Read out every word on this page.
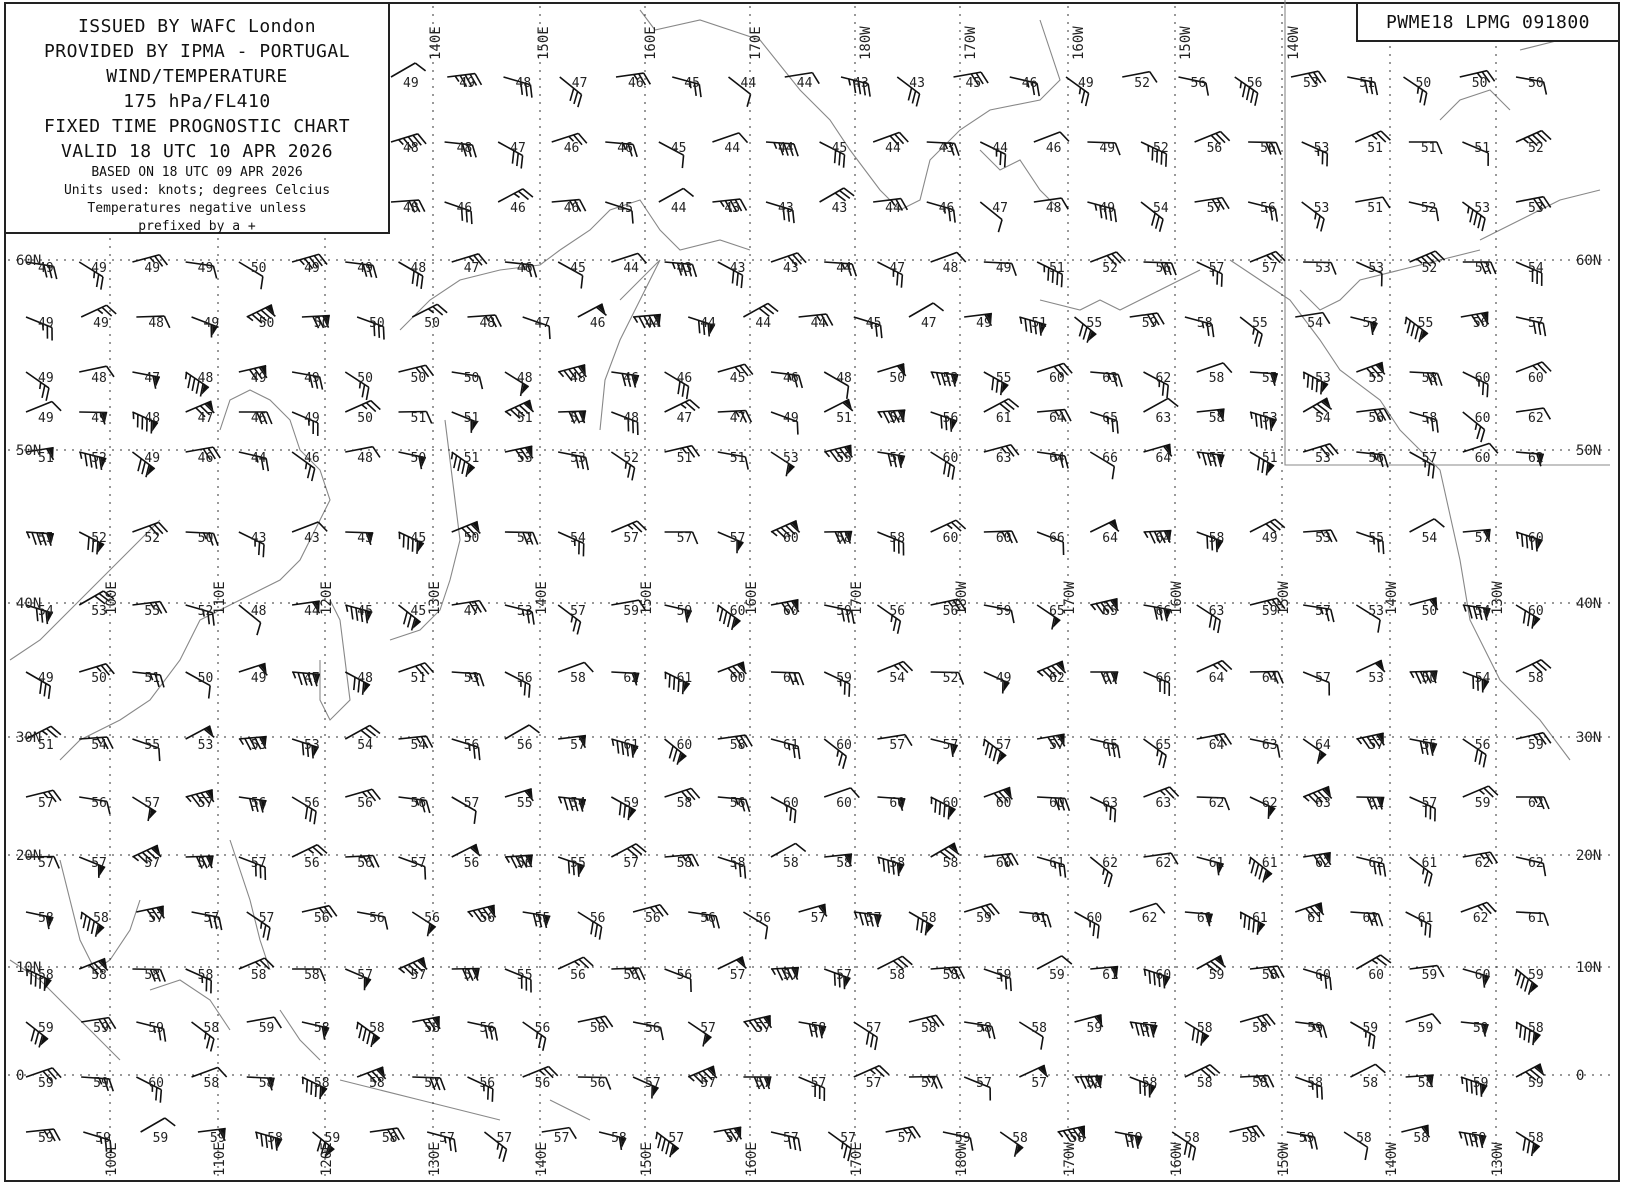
140E	150E	160E	170E	180W	170W	160W	150W	140W
100E	110E	120E	130E	140E	150E	160E	170E	180W	170W	160W	150W	140W	130W
100E	110E	120E	130E	140E	150E	160E	170E	180W	170W	160W	150W	140W	130W
60N	60N
50N	50N
40N	40N
30N	30N
20N	20N
10N	10N
0	0
49	49	48	47	46	45	44	44	43	43	45	46	49	52	56	56	53	51	50	50	50
48	48	47	46	46	45	44	44	45	44	43	44	46	49	52	56	56	53	51	51	51	52
48	46	46	46	45	44	43	43	43	44	46	47	48	49	54	57	56	53	51	52	53	53
49	49	49	49	50	49	49	48	47	46	45	44	43	43	43	44	47	48	49	51	52	56	57	57	53	53	52	53	54
49	49	48	49	50	50	50	50	48	47	46	44	44	44	44	45	47	49	51	55	59	58	55	54	53	55	56	57
49	48	47	48	49	49	50	50	50	48	48	46	46	45	46	48	50	53	55	60	63	62	58	55	53	55	58	60	60
49	49	48	47	46	49	50	51	51	51	51	48	47	47	49	51	54	56	61	64	65	63	58	53	54	56	58	60	62
51	52	49	46	44	46	48	50	51	53	53	52	51	51	53	55	56	60	63	64	66	64	57	51	53	56	57	60	62
55	52	52	50	43	43	45	45	50	52	54	57	57	57	60	58	58	60	60	66	64	64	58	49	53	55	54	57	60
54	53	55	52	48	44	45	45	47	53	57	59	59	60	60	59	56	56	59	65	65	66	63	59	57	53	50	54	60
49	50	51	50	49	47	48	51	53	56	58	62	61	60	61	59	54	52	49	62	67	66	64	64	57	53	50	54	58
51	54	55	53	53	53	54	54	56	56	57	61	60	58	61	60	57	57	57	57	65	65	64	63	64	57	55	56	59
57	56	57	57	56	56	56	56	57	55	54	59	58	56	60	60	60	60	60	60	63	63	62	62	63	61	57	59	62
57	57	57	57	57	56	56	57	56	56	55	57	58	58	58	58	58	58	60	61	62	62	61	61	62	62	61	62	62
58	58	57	57	57	56	56	56	56	55	56	56	56	56	57	57	58	59	61	60	62	61	61	61	62	61	62	61
58	58	58	58	58	58	57	57	57	55	56	56	56	57	57	57	58	58	59	59	61	60	59	58	60	60	59	60	59
59	59	59	58	59	58	58	58	56	56	56	56	57	57	58	57	58	58	58	59	57	58	58	59	59	59	59	58
59	59	60	58	58	58	58	57	56	56	56	57	57	57	57	57	57	57	57	58	58	58	58	58	58	58	59	59
59	59	59	59	58	59	58	57	57	57	58	57	57	57	57	57	59	58	58	59	58	58	59	58	58	59	58
ISSUED BY WAFC London
PROVIDED BY IPMA - PORTUGAL
WIND/TEMPERATURE
175 hPa/FL410
FIXED TIME PROGNOSTIC CHART
VALID 18 UTC 10 APR 2026
BASED ON 18 UTC 09 APR 2026
Units used: knots; degrees Celcius
Temperatures negative unless
prefixed by a +
PWME18 LPMG 091800
